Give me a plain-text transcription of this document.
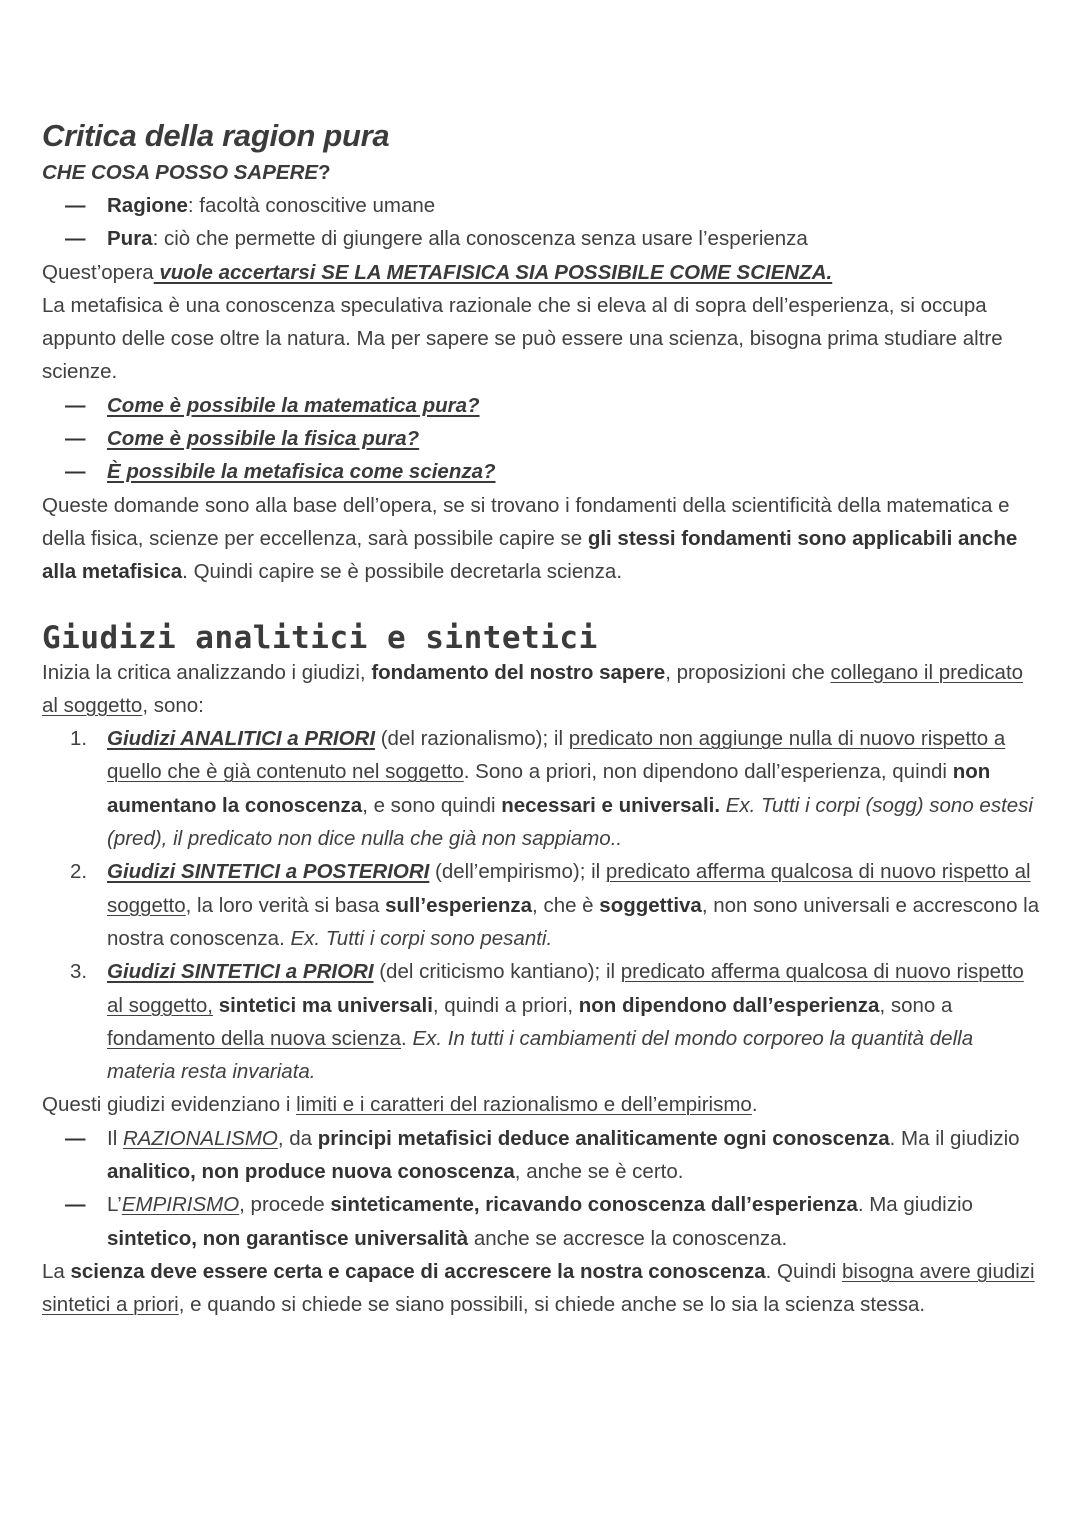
Critica della ragion pura
CHE COSA POSSO SAPERE?
— Ragione: facoltà conoscitive umane
— Pura: ciò che permette di giungere alla conoscenza senza usare l’esperienza

Quest’opera vuole accertarsi SE LA METAFISICA SIA POSSIBILE COME SCIENZA.

La metafisica è una conoscenza speculativa razionale che si eleva al di sopra dell’esperienza, si occupa appunto delle cose oltre la natura. Ma per sapere se può essere una scienza, bisogna prima studiare altre scienze.

— Come è possibile la matematica pura?
— Come è possibile la fisica pura?
— È possibile la metafisica come scienza?

Queste domande sono alla base dell’opera, se si trovano i fondamenti della scientificità della matematica e della fisica, scienze per eccellenza, sarà possibile capire se gli stessi fondamenti sono applicabili anche alla metafisica. Quindi capire se è possibile decretarla scienza.

Giudizi analitici e sintetici

Inizia la critica analizzando i giudizi, fondamento del nostro sapere, proposizioni che collegano il predicato al soggetto, sono:

1. Giudizi ANALITICI a PRIORI (del razionalismo); il predicato non aggiunge nulla di nuovo rispetto a quello che è già contenuto nel soggetto. Sono a priori, non dipendono dall’esperienza, quindi non aumentano la conoscenza, e sono quindi necessari e universali. Ex. Tutti i corpi (sogg) sono estesi (pred), il predicato non dice nulla che già non sappiamo..
2. Giudizi SINTETICI a POSTERIORI (dell’empirismo); il predicato afferma qualcosa di nuovo rispetto al soggetto, la loro verità si basa sull’esperienza, che è soggettiva, non sono universali e accrescono la nostra conoscenza. Ex. Tutti i corpi sono pesanti.
3. Giudizi SINTETICI a PRIORI (del criticismo kantiano); il predicato afferma qualcosa di nuovo rispetto al soggetto, sintetici ma universali, quindi a priori, non dipendono dall’esperienza, sono a fondamento della nuova scienza. Ex. In tutti i cambiamenti del mondo corporeo la quantità della materia resta invariata.

Questi giudizi evidenziano i limiti e i caratteri del razionalismo e dell’empirismo.

— Il RAZIONALISMO, da principi metafisici deduce analiticamente ogni conoscenza. Ma il giudizio analitico, non produce nuova conoscenza, anche se è certo.
— L’EMPIRISMO, procede sinteticamente, ricavando conoscenza dall’esperienza. Ma giudizio sintetico, non garantisce universalità anche se accresce la conoscenza.

La scienza deve essere certa e capace di accrescere la nostra conoscenza. Quindi bisogna avere giudizi sintetici a priori, e quando si chiede se siano possibili, si chiede anche se lo sia la scienza stessa.
